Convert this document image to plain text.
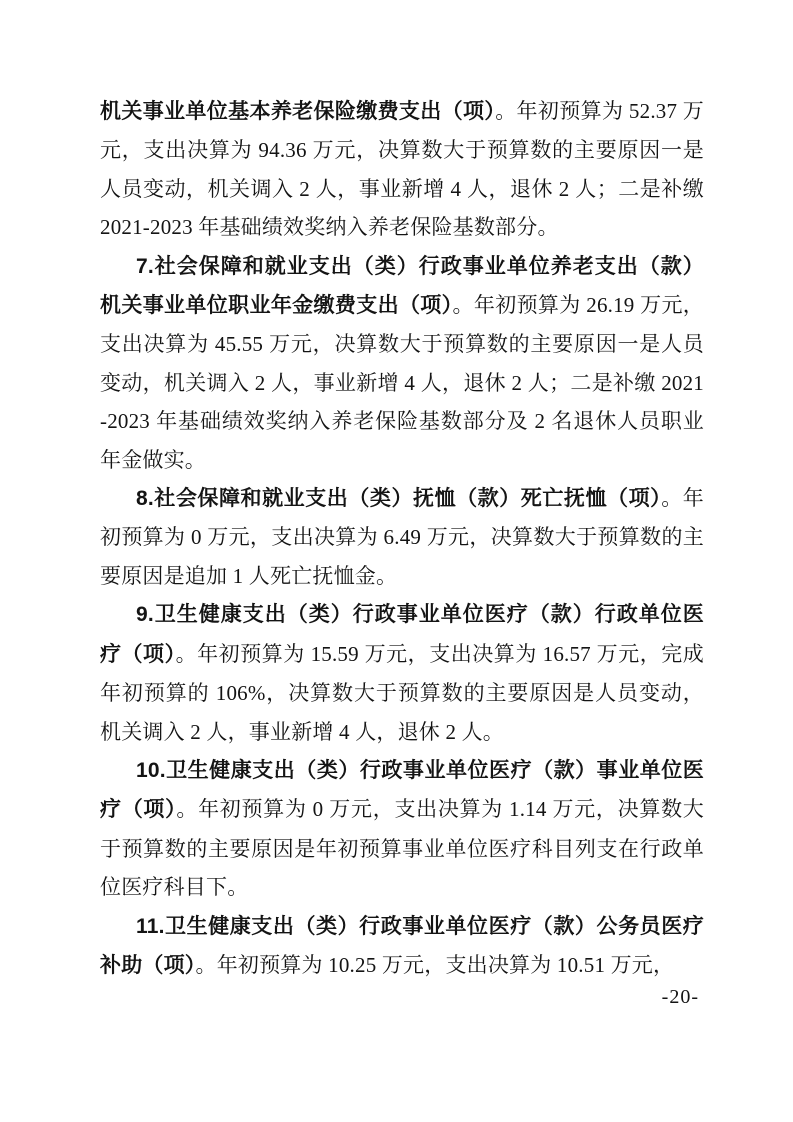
机关事业单位基本养老保险缴费支出（项）。年初预算为 52.37 万元，支出决算为 94.36 万元，决算数大于预算数的主要原因一是人员变动，机关调入 2 人，事业新增 4 人，退休 2 人；二是补缴 2021-2023 年基础绩效奖纳入养老保险基数部分。

7.社会保障和就业支出（类）行政事业单位养老支出（款）机关事业单位职业年金缴费支出（项）。年初预算为 26.19 万元，支出决算为 45.55 万元，决算数大于预算数的主要原因一是人员变动，机关调入 2 人，事业新增 4 人，退休 2 人；二是补缴 2021-2023 年基础绩效奖纳入养老保险基数部分及 2 名退休人员职业年金做实。

8.社会保障和就业支出（类）抚恤（款）死亡抚恤（项）。年初预算为 0 万元，支出决算为 6.49 万元，决算数大于预算数的主要原因是追加 1 人死亡抚恤金。

9.卫生健康支出（类）行政事业单位医疗（款）行政单位医疗（项）。年初预算为 15.59 万元，支出决算为 16.57 万元，完成年初预算的 106%，决算数大于预算数的主要原因是人员变动，机关调入 2 人，事业新增 4 人，退休 2 人。

10.卫生健康支出（类）行政事业单位医疗（款）事业单位医疗（项）。年初预算为 0 万元，支出决算为 1.14 万元，决算数大于预算数的主要原因是年初预算事业单位医疗科目列支在行政单位医疗科目下。

11.卫生健康支出（类）行政事业单位医疗（款）公务员医疗补助（项）。年初预算为 10.25 万元，支出决算为 10.51 万元，

-20-
